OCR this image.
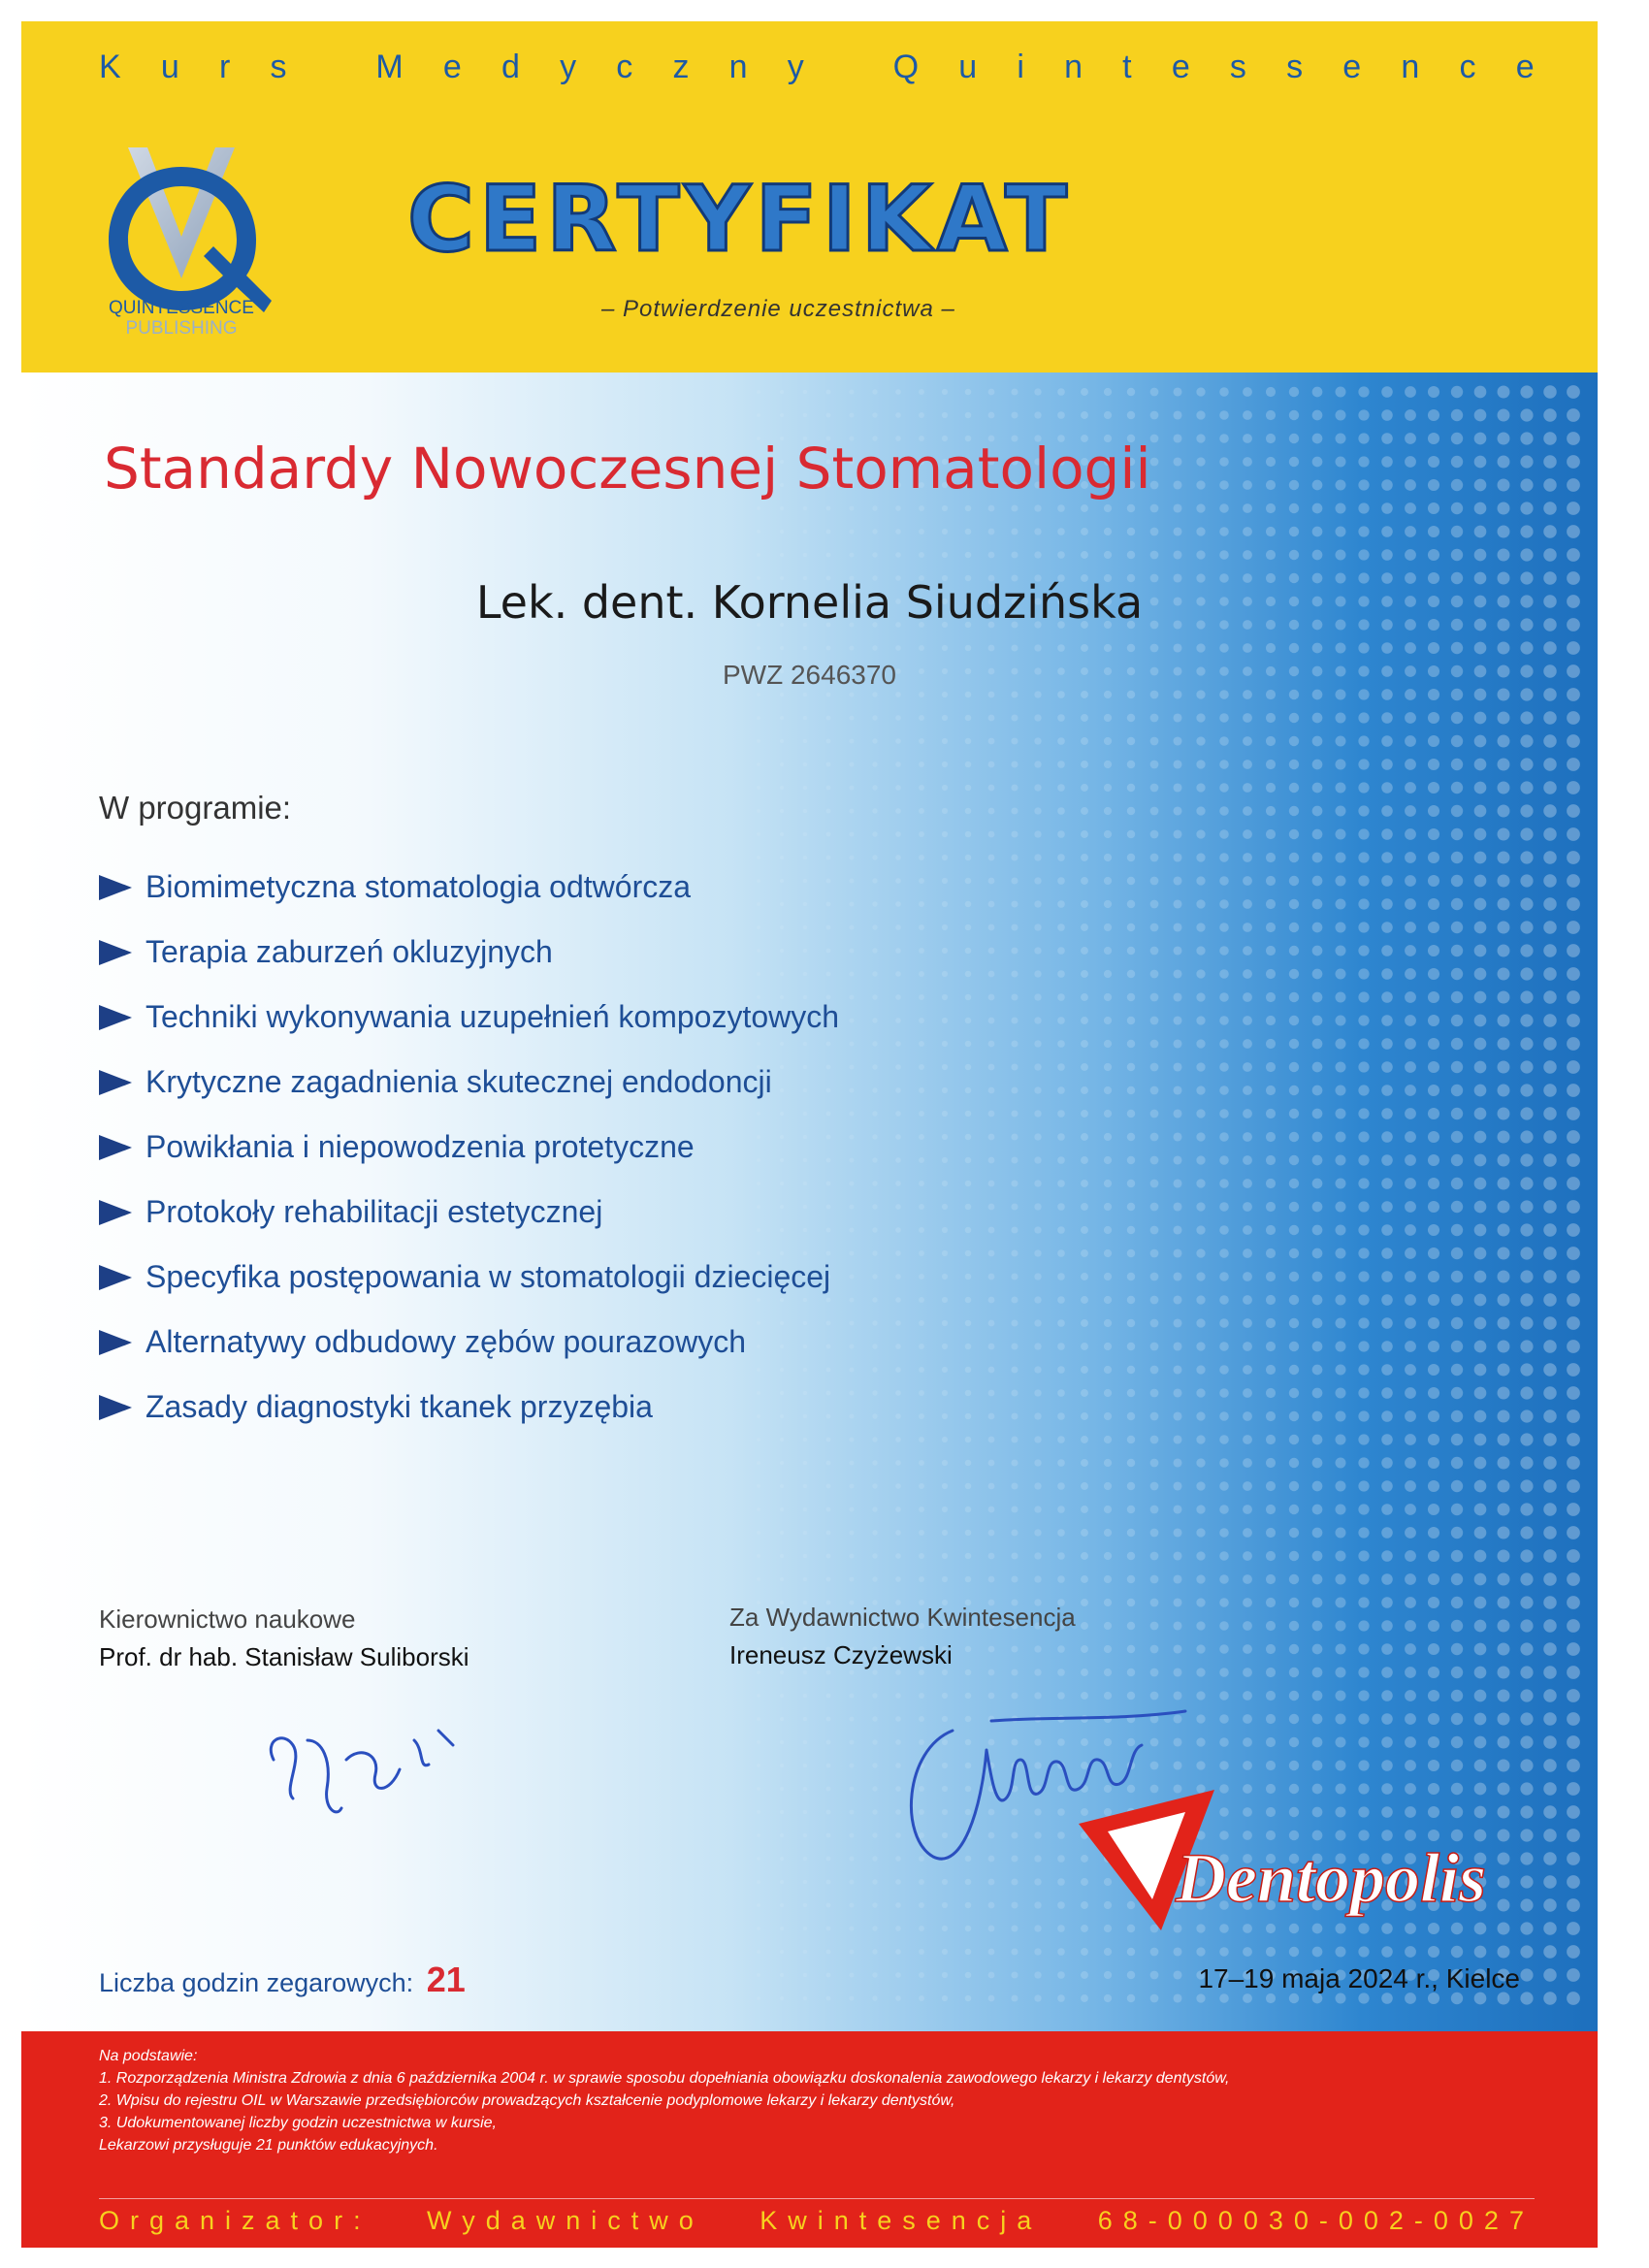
K u r s
	M e d y c z n y
	Q u i n t e s s e n c e
QUINTESSENCE
PUBLISHING
CERTYFIKAT
– Potwierdzenie uczestnictwa –
Standardy Nowoczesnej Stomatologii
Lek. dent. Kornelia Siudzińska
PWZ 2646370
W programie:
Biomimetyczna stomatologia odtwórcza
Terapia zaburzeń okluzyjnych
Techniki wykonywania uzupełnień kompozytowych
Krytyczne zagadnienia skutecznej endodoncji
Powikłania i niepowodzenia protetyczne
Protokoły rehabilitacji estetycznej
Specyfika postępowania w stomatologii dziecięcej
Alternatywy odbudowy zębów pourazowych
Zasady diagnostyki tkanek przyzębia
Kierownictwo naukowe
Prof. dr hab. Stanisław Suliborski
Za Wydawnictwo Kwintesencja
Ireneusz Czyżewski
Dentopolis
Liczba godzin zegarowych: 21	17–19 maja 2024 r., Kielce
Na podstawie:
1. Rozporządzenia Ministra Zdrowia z dnia 6 października 2004 r. w sprawie sposobu dopełniania obowiązku doskonalenia zawodowego lekarzy i lekarzy dentystów,
2. Wpisu do rejestru OIL w Warszawie przedsiębiorców prowadzących kształcenie podyplomowe lekarzy i lekarzy dentystów,
3. Udokumentowanej liczby godzin uczestnictwa w kursie,
Lekarzowi przysługuje 21 punktów edukacyjnych.
Organizator: Wydawnictwo Kwintesencja 68-000030-002-0027
